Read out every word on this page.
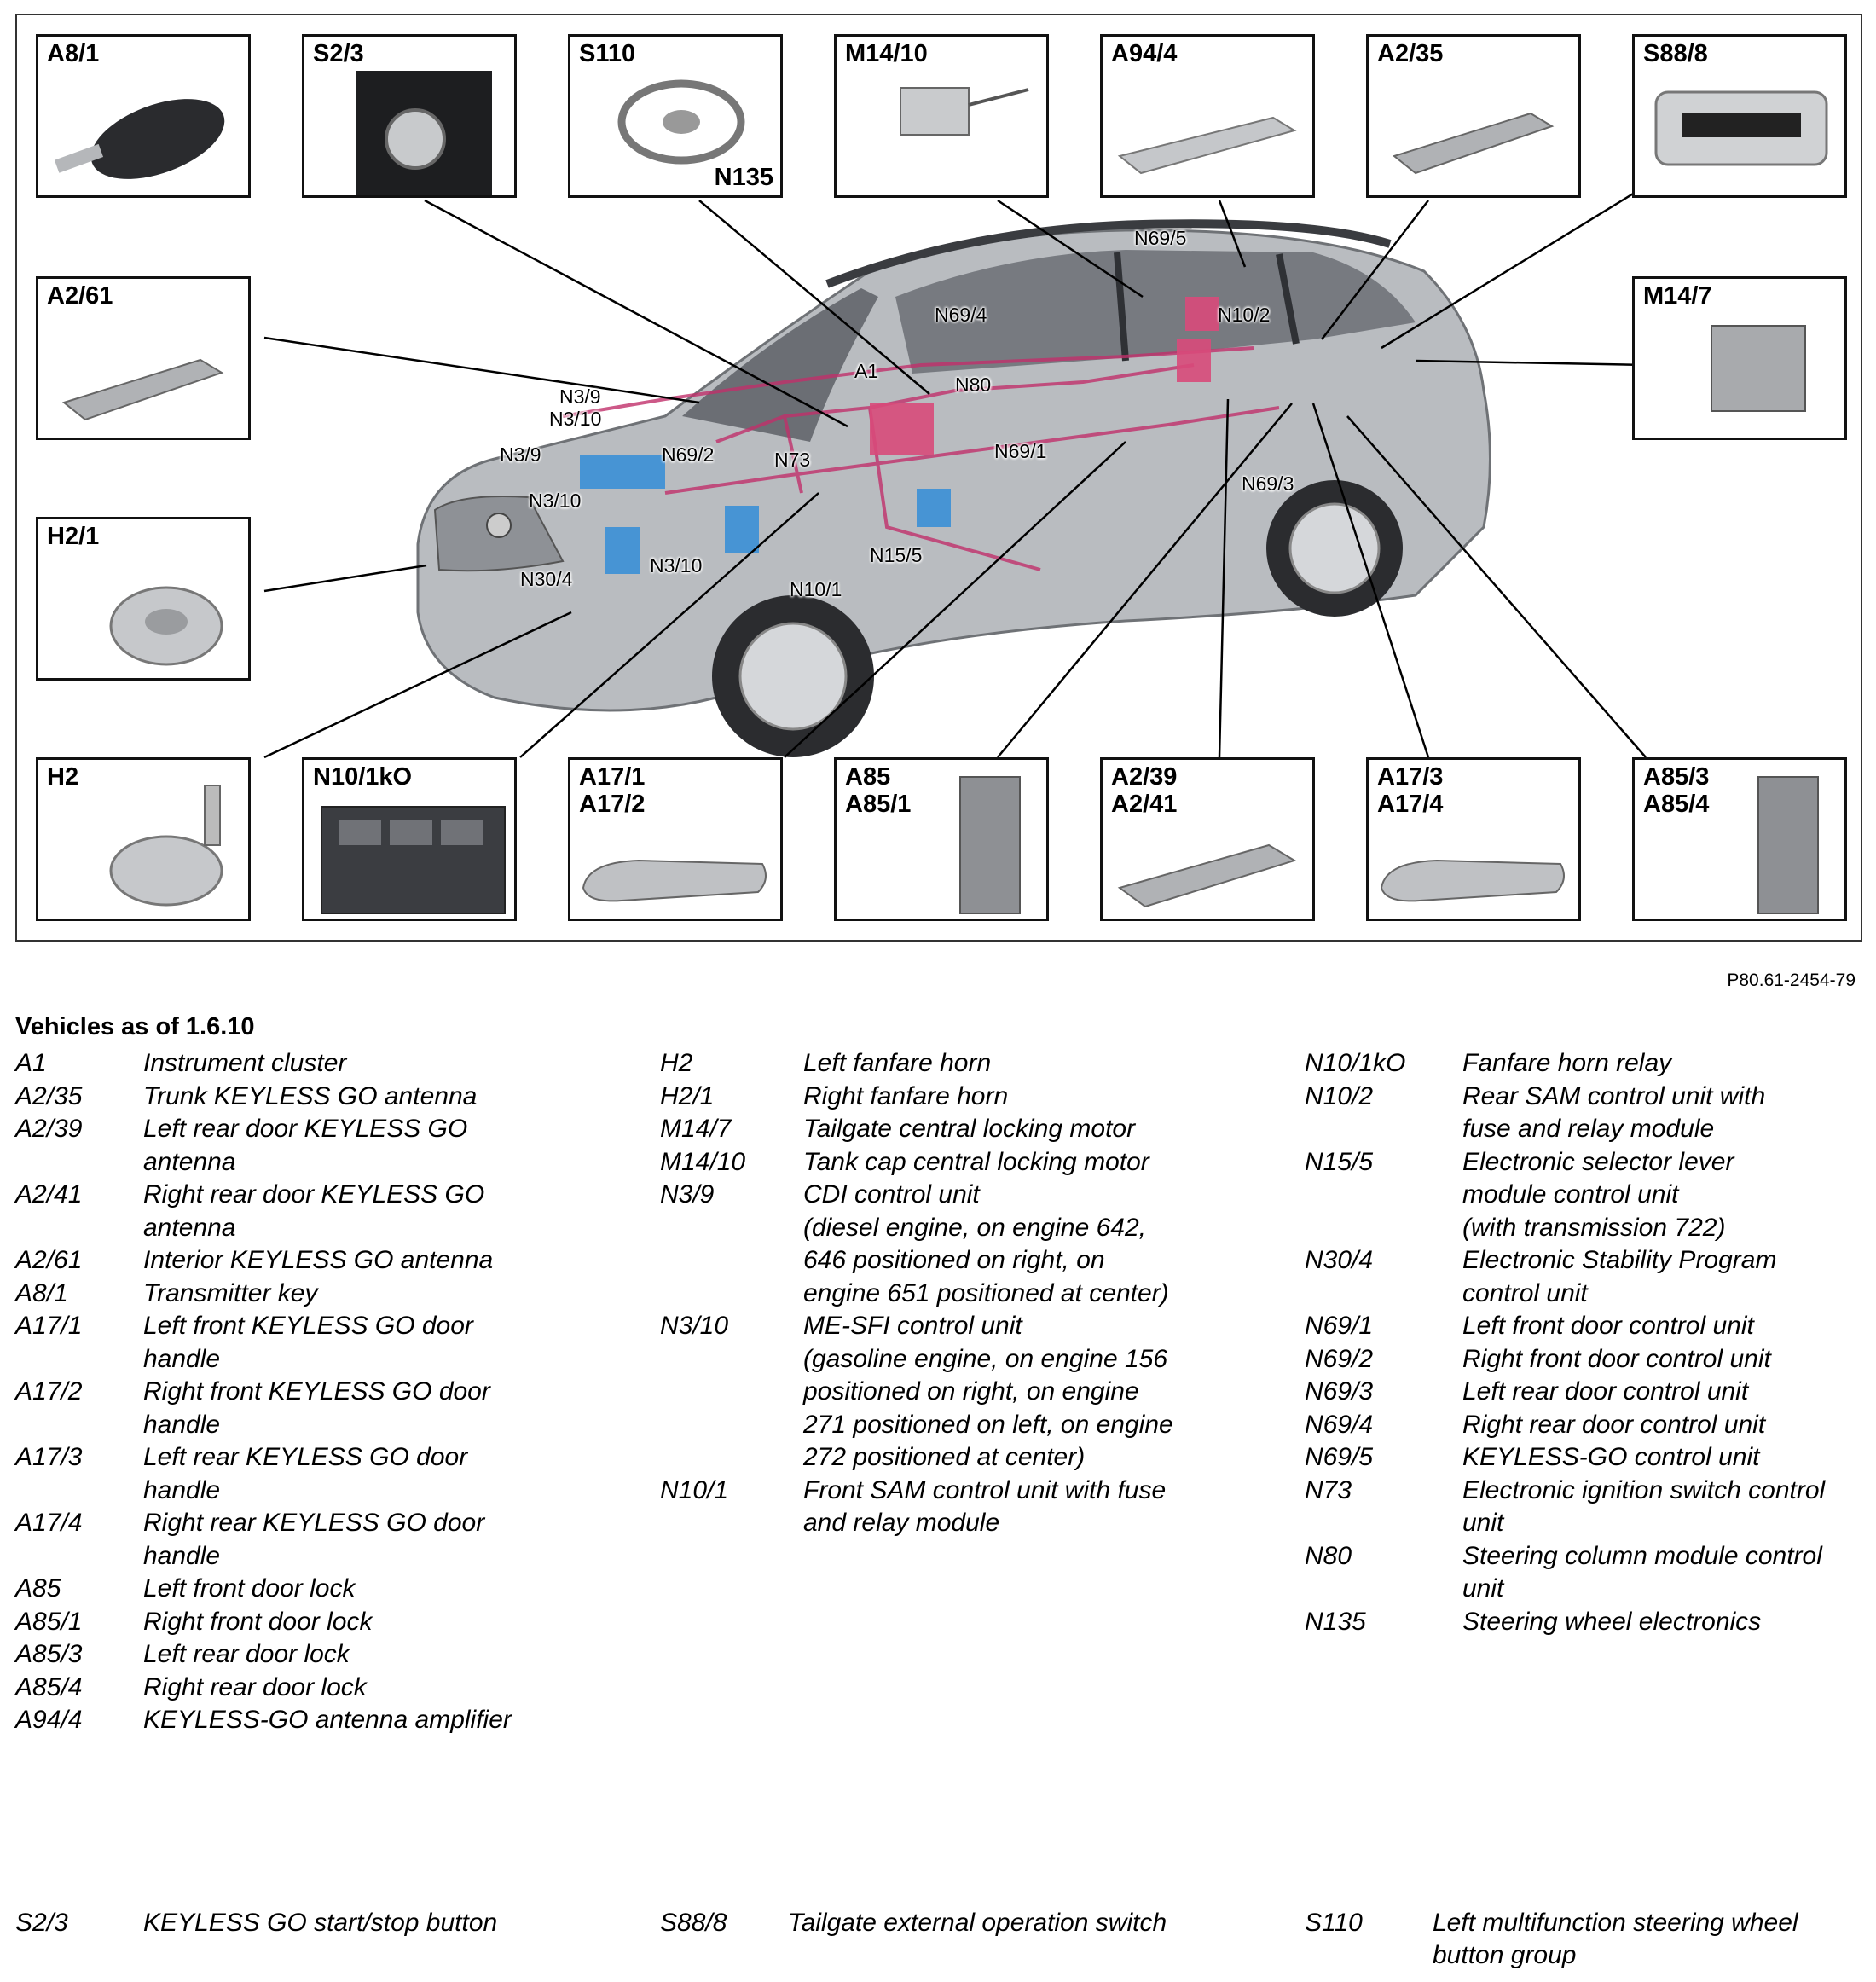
A8/1	S2/3	S110
N135
M14/10	A94/4	A2/35	S88/8
A2/61	M14/7
H2/1
H2	N10/1kO	A17/1
A17/2
A85
A85/1
A2/39
A2/41
A17/3
A17/4
A85/3
A85/4
N3/9
N3/10
N3/9
N3/10
N69/2
A1
N80
N73
N69/4
N69/5
N10/2
N69/1
N69/3
N15/5
N10/1
N3/10
N30/4
P80.61-2454-79
Vehicles as of 1.6.10
A1	Instrument cluster
A2/35	Trunk KEYLESS GO antenna
A2/39	Left rear door KEYLESS GO
antenna
A2/41	Right rear door KEYLESS GO
antenna
A2/61	Interior KEYLESS GO antenna
A8/1	Transmitter key
A17/1	Left front KEYLESS GO door
handle
A17/2	Right front KEYLESS GO door
handle
A17/3	Left rear KEYLESS GO door
handle
A17/4	Right rear KEYLESS GO door
handle
A85	Left front door lock
A85/1	Right front door lock
A85/3	Left rear door lock
A85/4	Right rear door lock
A94/4	KEYLESS-GO antenna amplifier
H2	Left fanfare horn
H2/1	Right fanfare horn
M14/7	Tailgate central locking motor
M14/10	Tank cap central locking motor
N3/9	CDI control unit
(diesel engine, on engine 642,
646 positioned on right, on
engine 651 positioned at center)
N3/10	ME-SFI control unit
(gasoline engine, on engine 156
positioned on right, on engine
271 positioned on left, on engine
272 positioned at center)
N10/1	Front SAM control unit with fuse
and relay module
N10/1kO	Fanfare horn relay
N10/2	Rear SAM control unit with
fuse and relay module
N15/5	Electronic selector lever
module control unit
(with transmission 722)
N30/4	Electronic Stability Program
control unit
N69/1	Left front door control unit
N69/2	Right front door control unit
N69/3	Left rear door control unit
N69/4	Right rear door control unit
N69/5	KEYLESS-GO control unit
N73	Electronic ignition switch control
unit
N80	Steering column module control
unit
N135	Steering wheel electronics
S2/3	KEYLESS GO start/stop button	S88/8	Tailgate external operation switch	S110	Left multifunction steering wheel
button group
